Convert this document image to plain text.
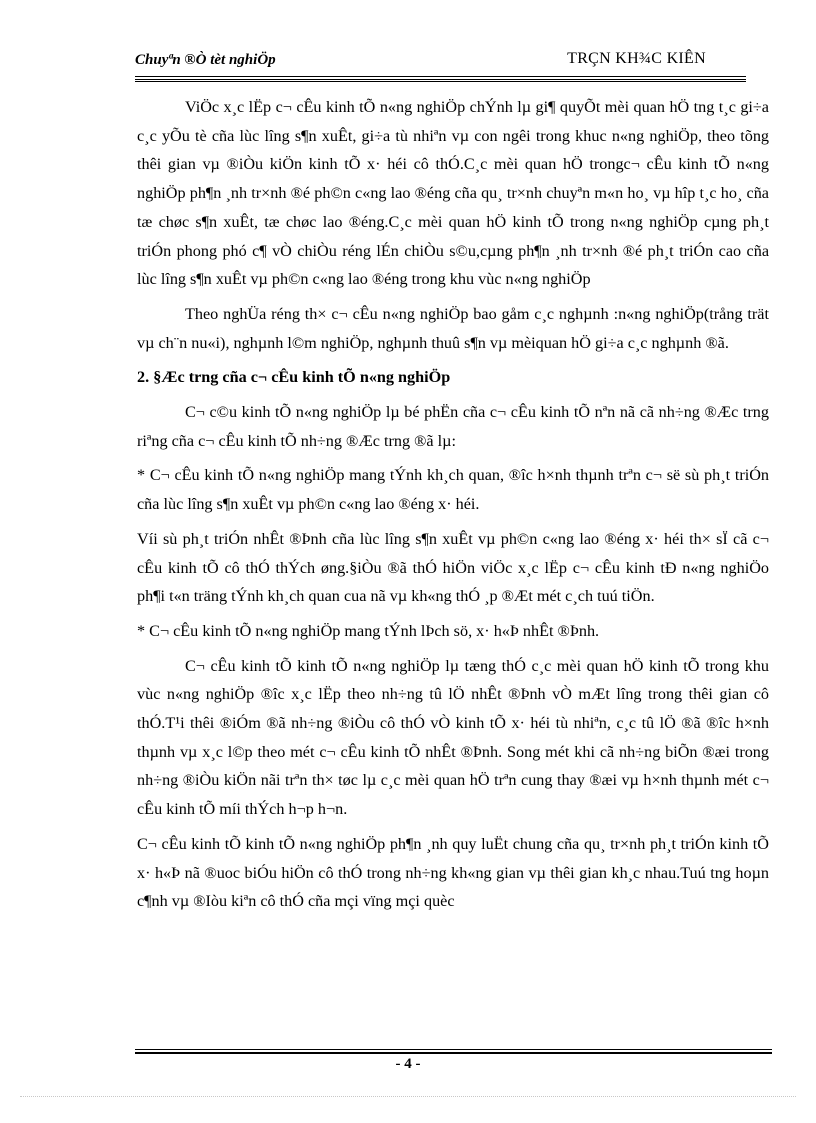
Chuyªn ®Ò tèt nghiÖp	TRÇN KH¾C KIÊN

ViÖc x¸c lËp c¬ cÊu kinh tÕ n«ng nghiÖp chÝnh lµ gi¶ quyÕt mèi quan hÖ tng t¸c gi÷a c¸c yÕu tè cña lùc lîng s¶n xuÊt, gi÷a tù nhiªn vµ con ngêi trong khuc n«ng nghiÖp, theo tõng thêi gian vµ ®iÒu kiÖn kinh tÕ x· héi cô thÓ.C¸c mèi quan hÖ trongc¬ cÊu kinh tÕ n«ng nghiÖp ph¶n ¸nh tr×nh ®é ph©n c«ng lao ®éng cña qu¸ tr×nh chuyªn m«n ho¸ vµ hîp t¸c ho¸ cña tæ chøc s¶n xuÊt, tæ chøc lao ®éng.C¸c mèi quan hÖ kinh tÕ trong n«ng nghiÖp cµng ph¸t triÓn phong phó c¶ vÒ chiÒu réng lÉn chiÒu s©u,cµng ph¶n ¸nh tr×nh ®é ph¸t triÓn cao cña lùc lîng s¶n xuÊt vµ ph©n c«ng lao ®éng trong khu vùc n«ng nghiÖp

Theo nghÜa réng th× c¬ cÊu n«ng nghiÖp bao gåm c¸c nghµnh :n«ng nghiÖp(trång trät vµ ch¨n nu«i), nghµnh l©m nghiÖp, nghµnh thuû s¶n vµ mèiquan hÖ gi÷a c¸c nghµnh ®ã.

2. §Æc trng cña c¬ cÊu kinh tÕ n«ng nghiÖp

C¬ c©u kinh tÕ n«ng nghiÖp lµ bé phËn cña c¬ cÊu kinh tÕ nªn nã cã nh÷ng ®Æc trng riªng cña c¬ cÊu kinh tÕ nh÷ng ®Æc trng ®ã lµ:

* C¬ cÊu kinh tÕ n«ng nghiÖp mang tÝnh kh¸ch quan, ®îc h×nh thµnh trªn c¬ së sù ph¸t triÓn cña lùc lîng s¶n xuÊt vµ ph©n c«ng lao ®éng x· héi.

Víi sù ph¸t triÓn nhÊt ®Þnh cña lùc lîng s¶n xuÊt vµ ph©n c«ng lao ®éng x· héi th× sÏ cã c¬ cÊu kinh tÕ cô thÓ thÝch øng.§iÒu ®ã thÓ hiÖn viÖc x¸c lËp c¬ cÊu kinh tÐ n«ng nghiÖo ph¶i t«n träng tÝnh kh¸ch quan cua nã vµ kh«ng thÓ ¸p ®Æt mét c¸ch tuú tiÖn.

* C¬ cÊu kinh tÕ n«ng nghiÖp mang tÝnh lÞch sö, x· h«Þ nhÊt ®Þnh.

C¬ cÊu kinh tÕ kinh tÕ n«ng nghiÖp lµ tæng thÓ c¸c mèi quan hÖ kinh tÕ trong khu vùc n«ng nghiÖp ®îc x¸c lËp theo nh÷ng tû lÖ nhÊt ®Þnh vÒ mÆt lîng trong thêi gian cô thÓ.T¹i thêi ®iÓm ®ã nh÷ng ®iÒu cô thÓ vÒ kinh tÕ x· héi tù nhiªn, c¸c tû lÖ ®ã ®îc h×nh thµnh vµ x¸c l©p theo mét c¬ cÊu kinh tÕ nhÊt ®Þnh. Song mét khi cã nh÷ng biÕn ®æi trong nh÷ng ®iÒu kiÖn nãi trªn th× tøc lµ c¸c mèi quan hÖ trªn cung thay ®æi vµ h×nh thµnh mét c¬ cÊu kinh tÕ míi thÝch h¬p h¬n.

C¬ cÊu kinh tÕ kinh tÕ n«ng nghiÖp ph¶n ¸nh quy luËt chung cña qu¸ tr×nh ph¸t triÓn kinh tÕ x· h«Þ nã ®uoc biÓu hiÖn cô thÓ trong nh÷ng kh«ng gian vµ thêi gian kh¸c nhau.Tuú tng hoµn c¶nh vµ ®Iòu kiªn cô thÓ cña mçi vïng mçi quèc

- 4 -
